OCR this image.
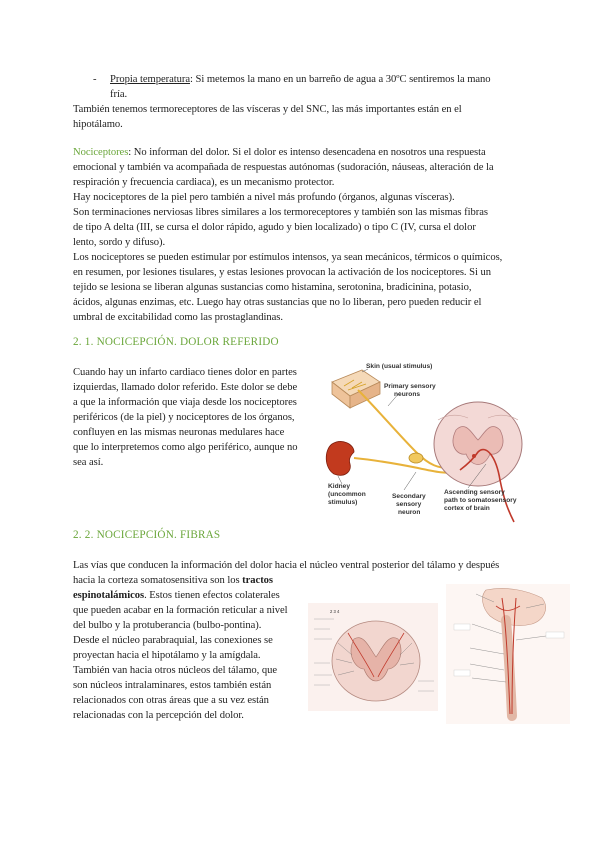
- Propia temperatura: Si metemos la mano en un barreño de agua a 30ºC sentiremos la mano
fría.
También tenemos termoreceptores de las vísceras y del SNC, las más importantes están en el
hipotálamo.
Nociceptores: No informan del dolor. Si el dolor es intenso desencadena en nosotros una respuesta
emocional y también va acompañada de respuestas autónomas (sudoración, náuseas, alteración de la
respiración y frecuencia cardiaca), es un mecanismo protector.
Hay nociceptores de la piel pero también a nivel más profundo (órganos, algunas vísceras).
Son terminaciones nerviosas libres similares a los termoreceptores y también son las mismas fibras
de tipo A delta (III, se cursa el dolor rápido, agudo y bien localizado) o tipo C (IV, cursa el dolor
lento, sordo y difuso).
Los nociceptores se pueden estimular por estímulos intensos, ya sean mecánicos, térmicos o químicos,
en resumen, por lesiones tisulares, y estas lesiones provocan la activación de los nociceptores. Si un
tejido se lesiona se liberan algunas sustancias como histamina, serotonina, bradicinina, potasio,
ácidos, algunas enzimas, etc. Luego hay otras sustancias que no lo liberan, pero pueden reducir el
umbral de excitabilidad como las prostaglandinas.
2. 1. NOCICEPCIÓN. DOLOR REFERIDO
Cuando hay un infarto cardiaco tienes dolor en partes
izquierdas, llamado dolor referido. Este dolor se debe
a que la información que viaja desde los nociceptores
periféricos (de la piel) y nociceptores de los órganos,
confluyen en las mismas neuronas medulares hace
que lo interpretemos como algo periférico, aunque no
sea así.
Skin (usual stimulus)
Primary sensory
neurons
Kidney
(uncommon
stimulus)
Secondary
sensory
neuron
Ascending sensory
path to somatosensory
cortex of brain
2. 2. NOCICEPCIÓN. FIBRAS
Las vías que conducen la información del dolor hacia el núcleo ventral posterior del tálamo y después
hacia la corteza somatosensitiva son los tractos
espinotalámicos. Estos tienen efectos colaterales
que pueden acabar en la formación reticular a nivel
del bulbo y la protuberancia (bulbo-pontina).
Desde el núcleo parabraquial, las conexiones se
proyectan hacia el hipotálamo y la amígdala.
También van hacia otros núcleos del tálamo, que
son núcleos intralaminares, estos también están
relacionados con otras áreas que a su vez están
relacionadas con la percepción del dolor.
2 3 4
